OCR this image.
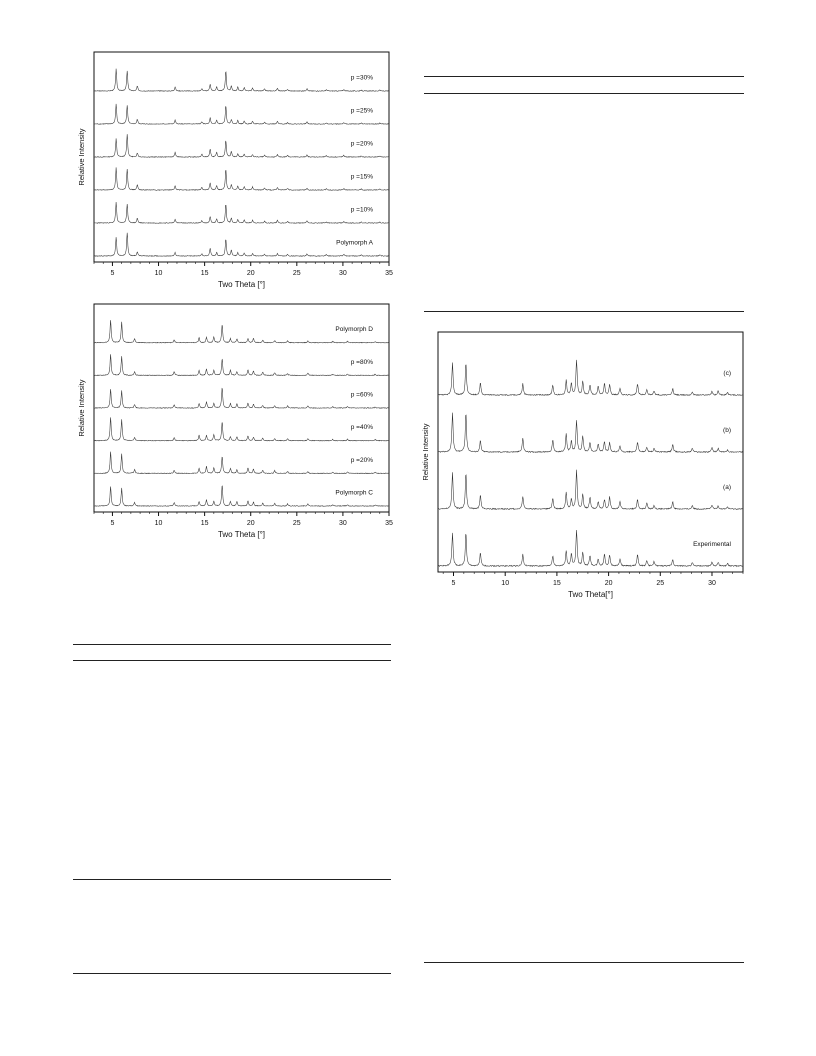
5	10	15	20	25	30	35
Two Theta [°]
Relative Intensity
p =30%
p =25%
p =20%
p =15%
p =10%
Polymorph A
5	10	15	20	25	30	35
Two Theta [°]
Relative Intensity
Polymorph D
p =80%
p =60%
p =40%
p =20%
Polymorph C
5	10	15	20	25	30
Two Theta[°]
Relative Intensity
(c)
(b)
(a)
Experimental
